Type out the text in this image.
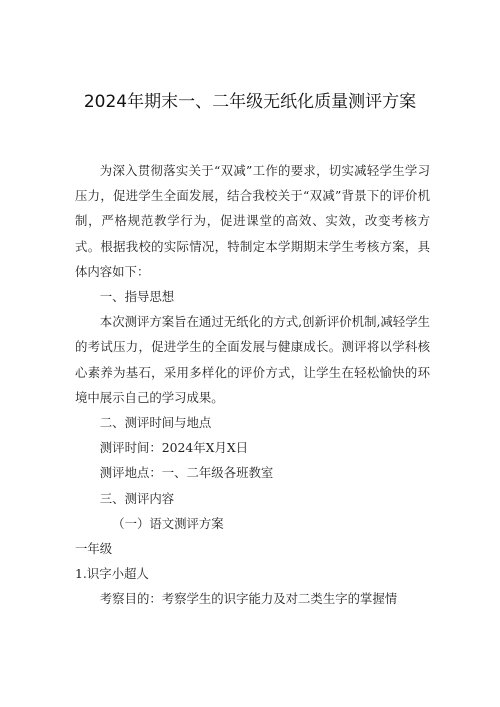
2024年期末一、二年级无纸化质量测评方案

为深入贯彻落实关于“双减”工作的要求，切实减轻学生学习压力，促进学生全面发展，结合我校关于“双减”背景下的评价机制，严格规范教学行为，促进课堂的高效、实效，改变考核方式。根据我校的实际情况，特制定本学期期末学生考核方案，具体内容如下：

一、指导思想

本次测评方案旨在通过无纸化的方式,创新评价机制,减轻学生的考试压力，促进学生的全面发展与健康成长。测评将以学科核心素养为基石，采用多样化的评价方式，让学生在轻松愉快的环境中展示自己的学习成果。

二、测评时间与地点

测评时间：2024年X月X日

测评地点：一、二年级各班教室

三、测评内容

（一）语文测评方案

一年级

1.识字小超人

考察目的：考察学生的识字能力及对二类生字的掌握情
